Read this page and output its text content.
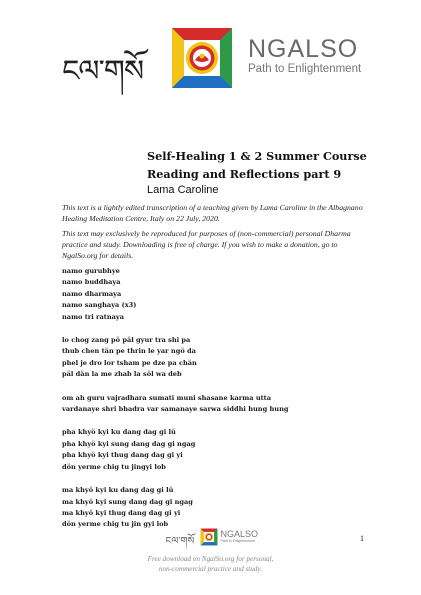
ངལ་གསོ
NGALSO
Path to Enlightenment
Self-Healing 1 & 2 Summer Course
Reading and Reflections part 9
Lama Caroline

This text is a lightly edited transcription of a teaching given by Lama Caroline in the Albagnano Healing Meditation Centre, Italy on 22 July, 2020.

This text may exclusively be reproduced for purposes of (non-commercial) personal Dharma practice and study. Downloading is free of charge. If you wish to make a donation, go to NgalSo.org for details.

namo gurubhye
namo buddhaya
namo dharmaya
namo sanghaya (x3)
namo tri ratnaya
lo chog zang pö päl gyur tra shi pa
thub chen tän pe thrin le yar ngö da
phel je dro lor tsham pe dze pa chän
päl dän la me zhab la söl wa deb
om ah guru vajradhara sumati muni shasane karma utta
vardanaye shri bhadra var samanaye sarwa siddhi hung hung
pha khyö kyi ku dang dag gi lü
pha khyö kyi sung dang dag gi ngag
pha khyö kyi thug dang dag gi yi
dön yerme chig tu jingyi lob
ma khyö kyi ku dang dag gi lü
ma khyö kyi sung dang dag gi ngag
ma khyö kyi thug dang dag gi yi
dön yerme chig tu jin gyi lob
1
ངལ་གསོ
NGALSO
Path to Enlightenment
Free download on NgalSo.org for personal,
non-commercial practice and study.
